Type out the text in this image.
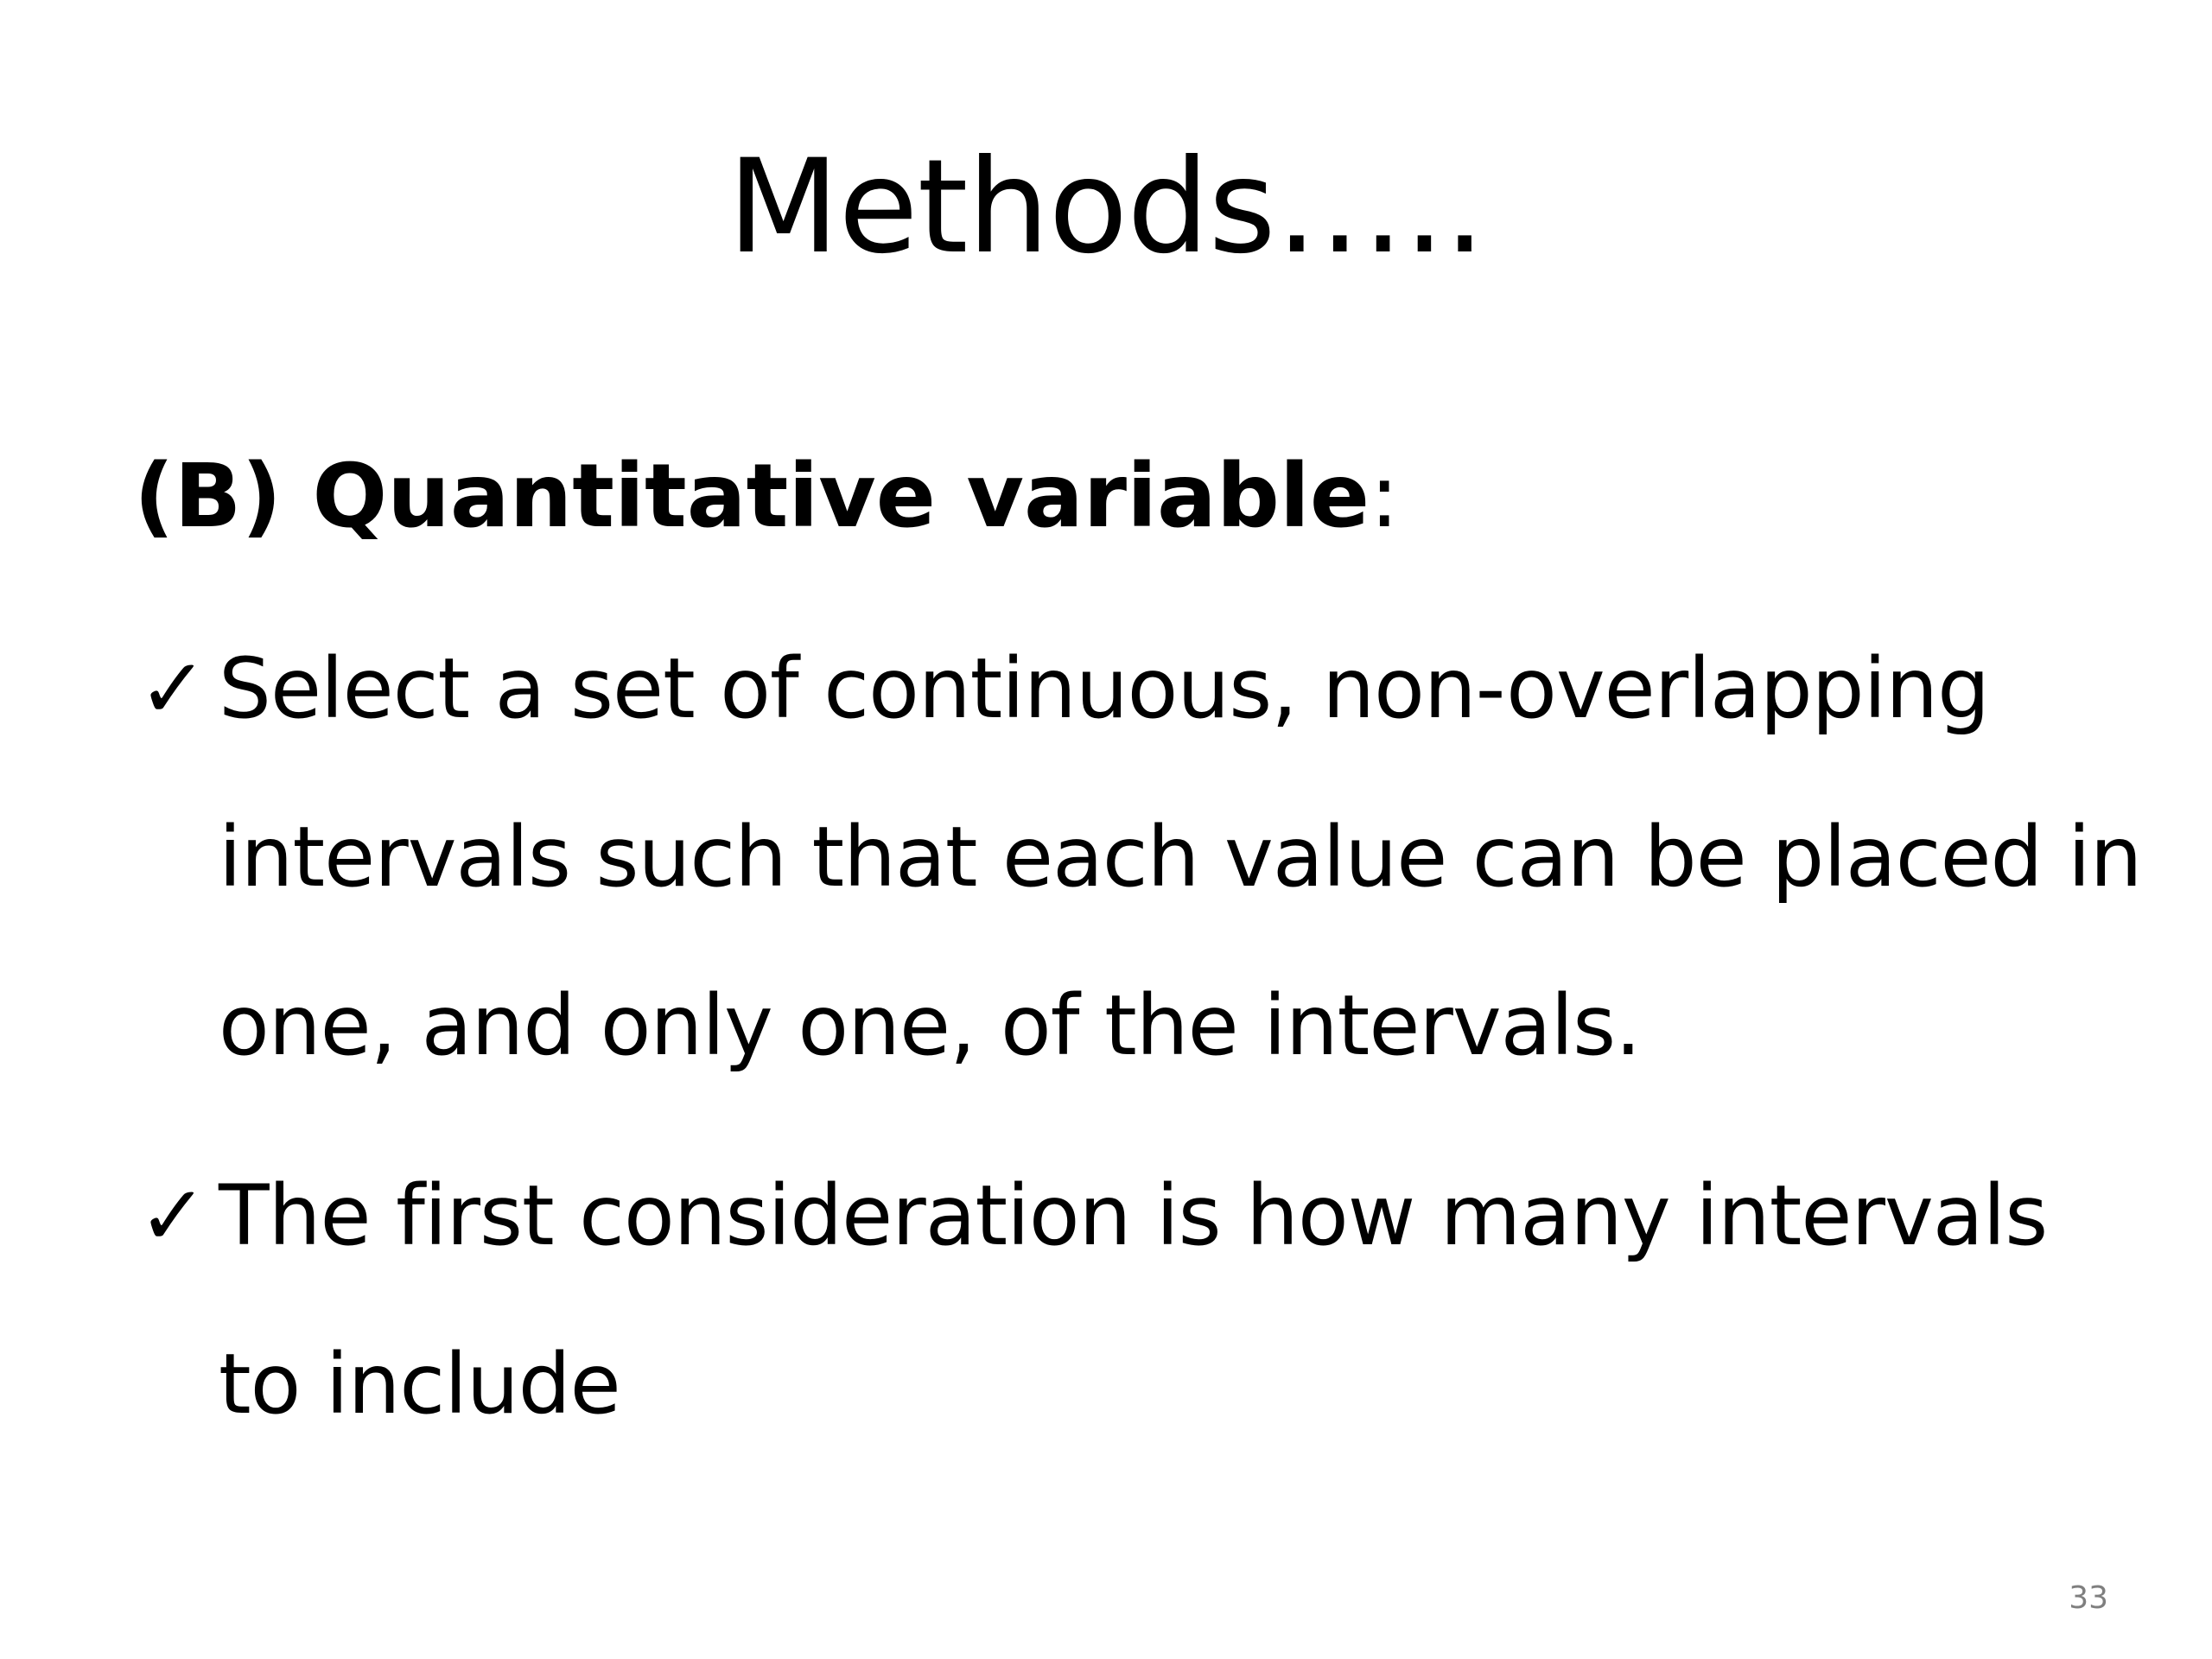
Methods…..
(B) Quantitative variable:
✓ Select a set of continuous, non-overlapping
intervals such that each value can be placed in
one, and only one, of the intervals.
✓ The first consideration is how many intervals
to include
33
